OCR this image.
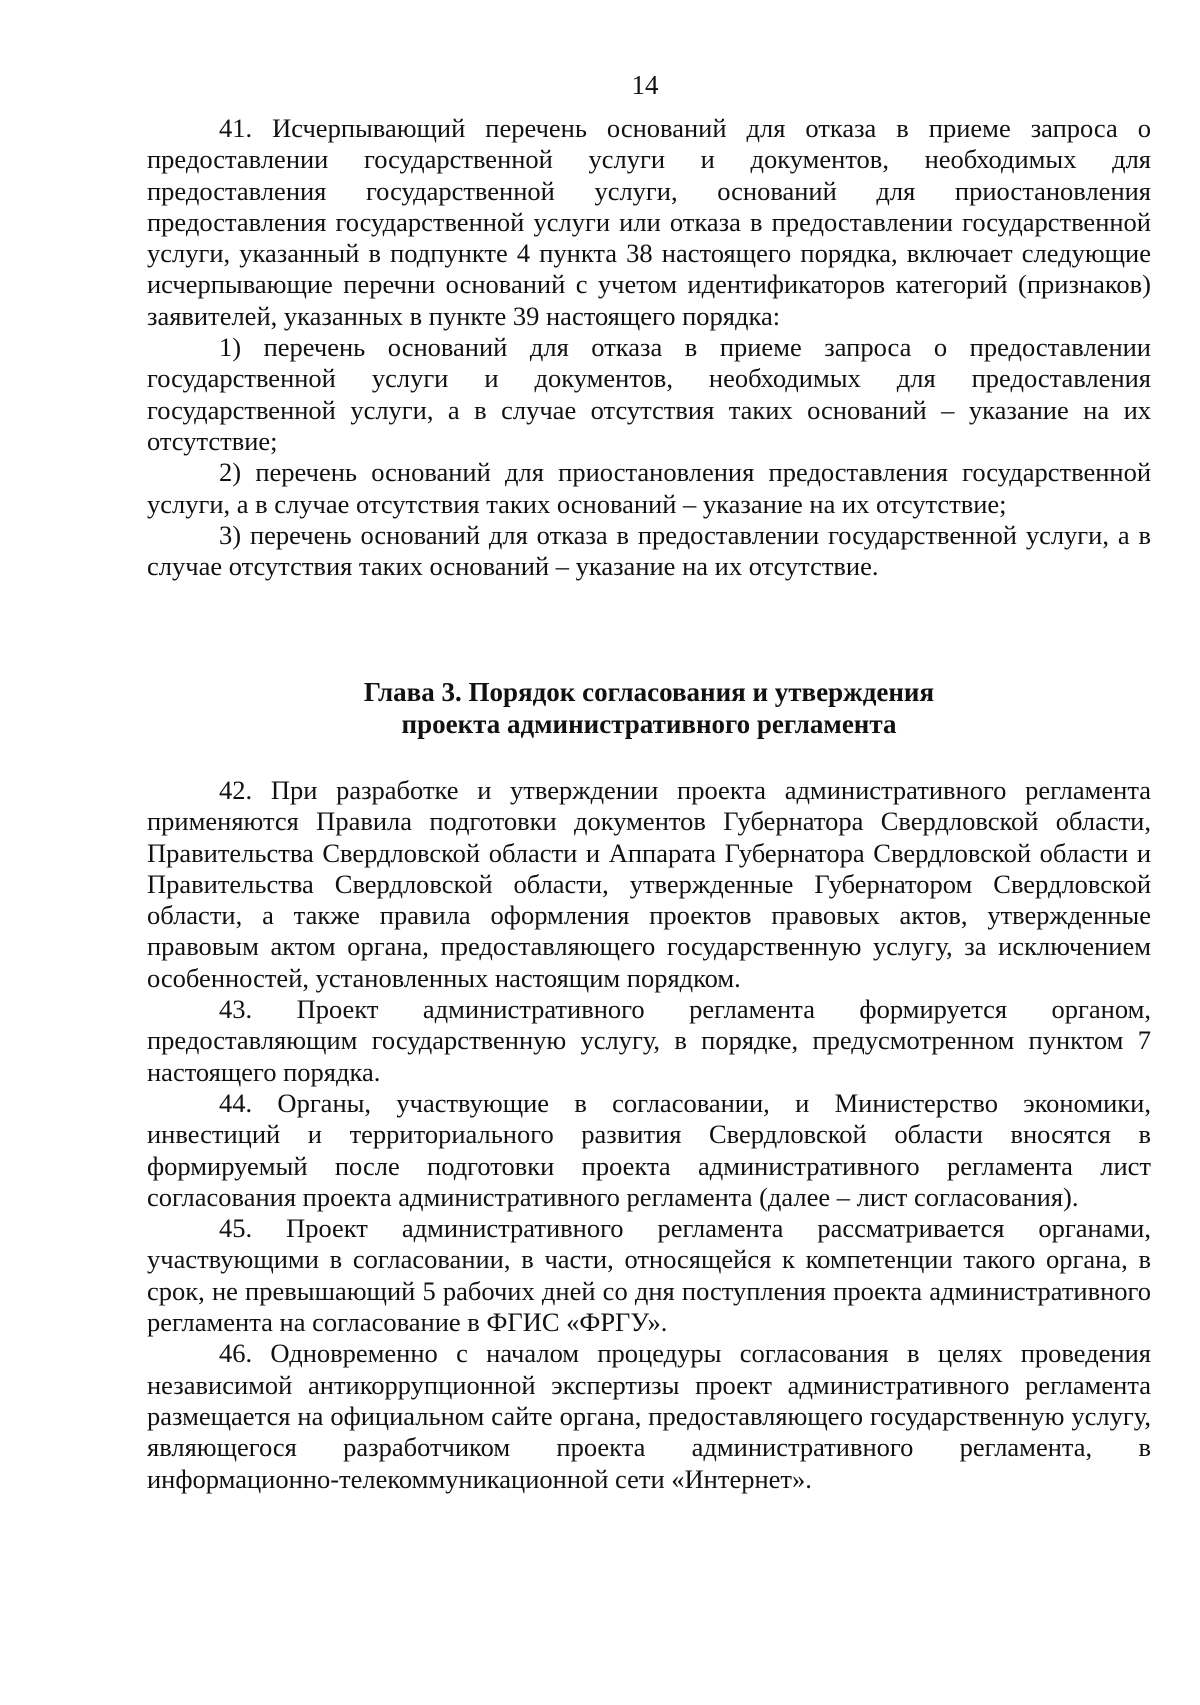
14

41. Исчерпывающий перечень оснований для отказа в приеме запроса о предоставлении государственной услуги и документов, необходимых для предоставления государственной услуги, оснований для приостановления предоставления государственной услуги или отказа в предоставлении государственной услуги, указанный в подпункте 4 пункта 38 настоящего порядка, включает следующие исчерпывающие перечни оснований с учетом идентификаторов категорий (признаков) заявителей, указанных в пункте 39 настоящего порядка:

1) перечень оснований для отказа в приеме запроса о предоставлении государственной услуги и документов, необходимых для предоставления государственной услуги, а в случае отсутствия таких оснований – указание на их отсутствие;

2) перечень оснований для приостановления предоставления государственной услуги, а в случае отсутствия таких оснований – указание на их отсутствие;

3) перечень оснований для отказа в предоставлении государственной услуги, а в случае отсутствия таких оснований – указание на их отсутствие.

Глава 3. Порядок согласования и утверждения
проекта административного регламента

42. При разработке и утверждении проекта административного регламента применяются Правила подготовки документов Губернатора Свердловской области, Правительства Свердловской области и Аппарата Губернатора Свердловской области и Правительства Свердловской области, утвержденные Губернатором Свердловской области, а также правила оформления проектов правовых актов, утвержденные правовым актом органа, предоставляющего государственную услугу, за исключением особенностей, установленных настоящим порядком.

43. Проект административного регламента формируется органом, предоставляющим государственную услугу, в порядке, предусмотренном пунктом 7 настоящего порядка.

44. Органы, участвующие в согласовании, и Министерство экономики, инвестиций и территориального развития Свердловской области вносятся в формируемый после подготовки проекта административного регламента лист согласования проекта административного регламента (далее – лист согласования).

45. Проект административного регламента рассматривается органами, участвующими в согласовании, в части, относящейся к компетенции такого органа, в срок, не превышающий 5 рабочих дней со дня поступления проекта административного регламента на согласование в ФГИС «ФРГУ».

46. Одновременно с началом процедуры согласования в целях проведения независимой антикоррупционной экспертизы проект административного регламента размещается на официальном сайте органа, предоставляющего государственную услугу, являющегося разработчиком проекта административного регламента, в информационно-телекоммуникационной сети «Интернет».
